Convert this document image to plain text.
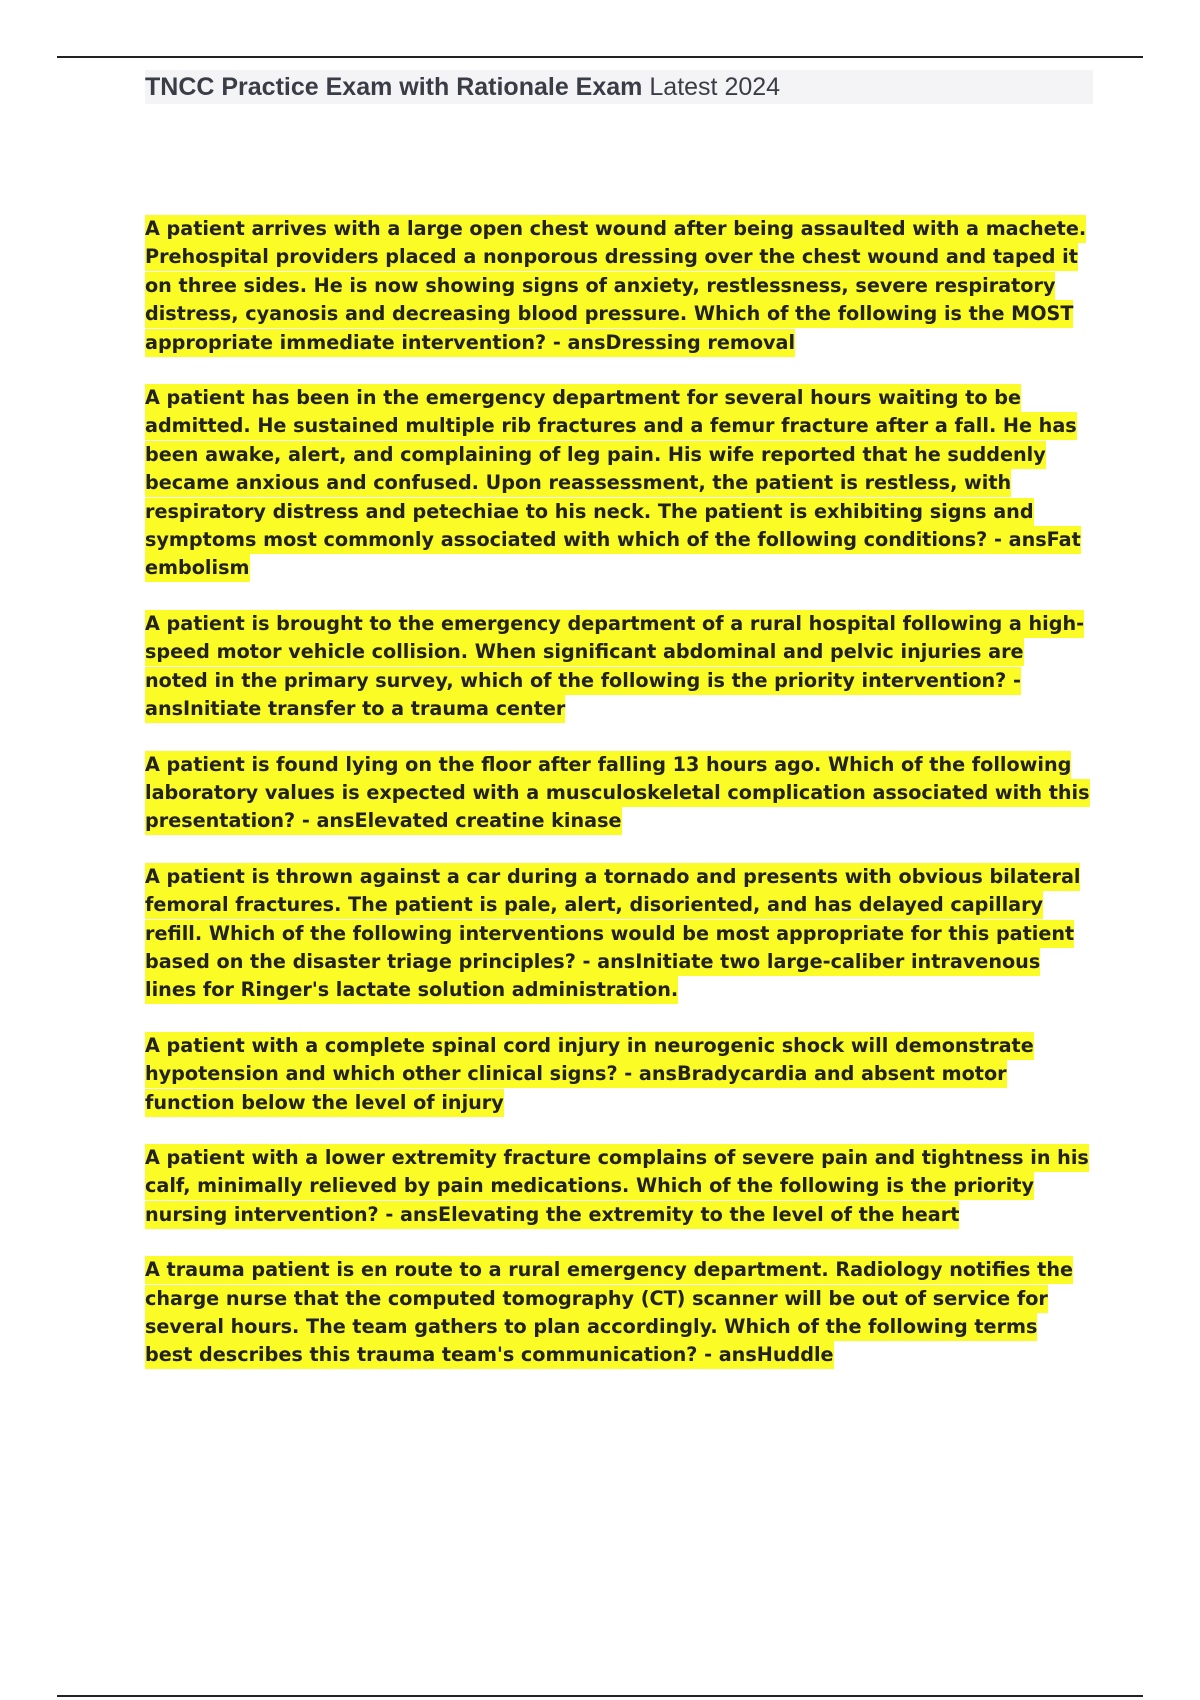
TNCC Practice Exam with Rationale Exam Latest 2024

A patient arrives with a large open chest wound after being assaulted with a machete. Prehospital providers placed a nonporous dressing over the chest wound and taped it on three sides. He is now showing signs of anxiety, restlessness, severe respiratory distress, cyanosis and decreasing blood pressure. Which of the following is the MOST appropriate immediate intervention? - ansDressing removal

A patient has been in the emergency department for several hours waiting to be admitted. He sustained multiple rib fractures and a femur fracture after a fall. He has been awake, alert, and complaining of leg pain. His wife reported that he suddenly became anxious and confused. Upon reassessment, the patient is restless, with respiratory distress and petechiae to his neck. The patient is exhibiting signs and symptoms most commonly associated with which of the following conditions? - ansFat embolism

A patient is brought to the emergency department of a rural hospital following a high-speed motor vehicle collision. When significant abdominal and pelvic injuries are noted in the primary survey, which of the following is the priority intervention? - ansInitiate transfer to a trauma center

A patient is found lying on the floor after falling 13 hours ago. Which of the following laboratory values is expected with a musculoskeletal complication associated with this presentation? - ansElevated creatine kinase

A patient is thrown against a car during a tornado and presents with obvious bilateral femoral fractures. The patient is pale, alert, disoriented, and has delayed capillary refill. Which of the following interventions would be most appropriate for this patient based on the disaster triage principles? - ansInitiate two large-caliber intravenous lines for Ringer's lactate solution administration.

A patient with a complete spinal cord injury in neurogenic shock will demonstrate hypotension and which other clinical signs? - ansBradycardia and absent motor function below the level of injury

A patient with a lower extremity fracture complains of severe pain and tightness in his calf, minimally relieved by pain medications. Which of the following is the priority nursing intervention? - ansElevating the extremity to the level of the heart

A trauma patient is en route to a rural emergency department. Radiology notifies the charge nurse that the computed tomography (CT) scanner will be out of service for several hours. The team gathers to plan accordingly. Which of the following terms best describes this trauma team's communication? - ansHuddle
